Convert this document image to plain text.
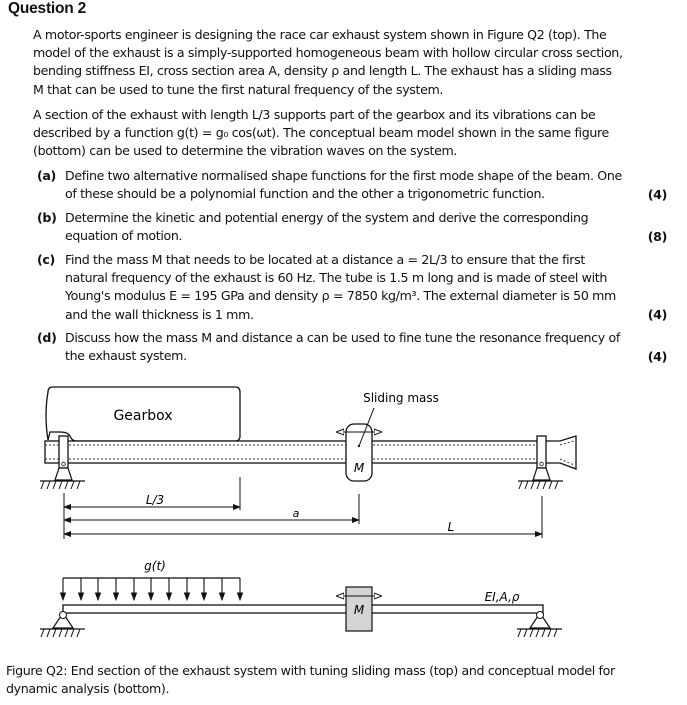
Question 2
A motor-sports engineer is designing the race car exhaust system shown in Figure Q2 (top). The model of the exhaust is a simply-supported homogeneous beam with hollow circular cross section, bending stiffness EI, cross section area A, density ρ and length L. The exhaust has a sliding mass M that can be used to tune the first natural frequency of the system.
A section of the exhaust with length L/3 supports part of the gearbox and its vibrations can be described by a function g(t) = g₀ cos(ωt). The conceptual beam model shown in the same figure (bottom) can be used to determine the vibration waves on the system.
(a) Define two alternative normalised shape functions for the first mode shape of the beam. One of these should be a polynomial function and the other a trigonometric function.	(4)
(b) Determine the kinetic and potential energy of the system and derive the corresponding equation of motion.	(8)
(c) Find the mass M that needs to be located at a distance a = 2L/3 to ensure that the first natural frequency of the exhaust is 60 Hz. The tube is 1.5 m long and is made of steel with Young's modulus E = 195 GPa and density ρ = 7850 kg/m³. The external diameter is 50 mm and the wall thickness is 1 mm.	(4)
(d) Discuss how the mass M and distance a can be used to fine tune the resonance frequency of the exhaust system.	(4)
Gearbox
M
Sliding mass
L/3
a
L
g(t)
M
EI,A,ρ
Figure Q2: End section of the exhaust system with tuning sliding mass (top) and conceptual model for dynamic analysis (bottom).
